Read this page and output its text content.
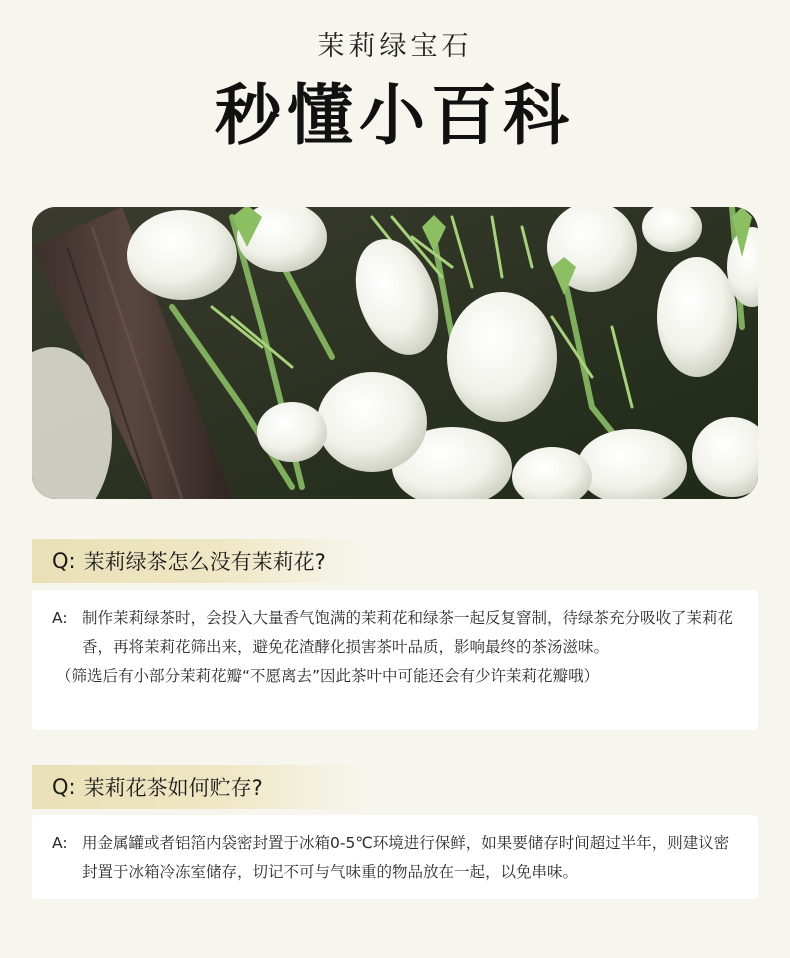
茉莉绿宝石
秒懂小百科
Q: 茉莉绿茶怎么没有茉莉花?
A: 制作茉莉绿茶时，会投入大量香气饱满的茉莉花和绿茶一起反复窨制，待绿茶充分吸收了茉莉花香，再将茉莉花筛出来，避免花渣酵化损害茶叶品质，影响最终的茶汤滋味。
（筛选后有小部分茉莉花瓣“不愿离去”因此茶叶中可能还会有少许茉莉花瓣哦）
Q: 茉莉花茶如何贮存?
A: 用金属罐或者铝箔内袋密封置于冰箱0-5℃环境进行保鲜，如果要储存时间超过半年，则建议密封置于冰箱冷冻室储存，切记不可与气味重的物品放在一起，以免串味。
